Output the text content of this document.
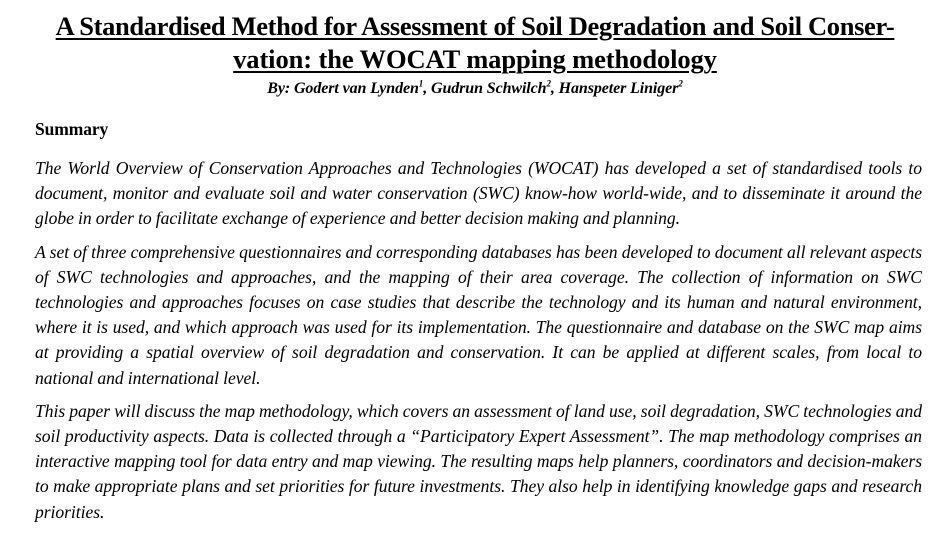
A Standardised Method for Assessment of Soil Degradation and Soil Conser-
vation: the WOCAT mapping methodology
By: Godert van Lynden$^1$, Gudrun Schwilch$^2$, Hanspeter Liniger$^2$
Summary

The World Overview of Conservation Approaches and Technologies (WOCAT) has developed a set of standardised tools to document, monitor and evaluate soil and water conservation (SWC) know-how world-wide, and to disseminate it around the globe in order to facilitate exchange of experience and better decision making and planning.

A set of three comprehensive questionnaires and corresponding databases has been developed to document all relevant aspects of SWC technologies and approaches, and the mapping of their area coverage. The collection of information on SWC technologies and approaches focuses on case studies that describe the technology and its human and natural environment, where it is used, and which approach was used for its implementation. The questionnaire and database on the SWC map aims at providing a spatial overview of soil degradation and conservation. It can be applied at different scales, from local to national and international level.

This paper will discuss the map methodology, which covers an assessment of land use, soil degradation, SWC technologies and soil productivity aspects. Data is collected through a “Participatory Expert Assessment”. The map methodology comprises an interactive mapping tool for data entry and map viewing. The resulting maps help planners, coordinators and decision-makers to make appropriate plans and set priorities for future investments. They also help in identifying knowledge gaps and research priorities.
